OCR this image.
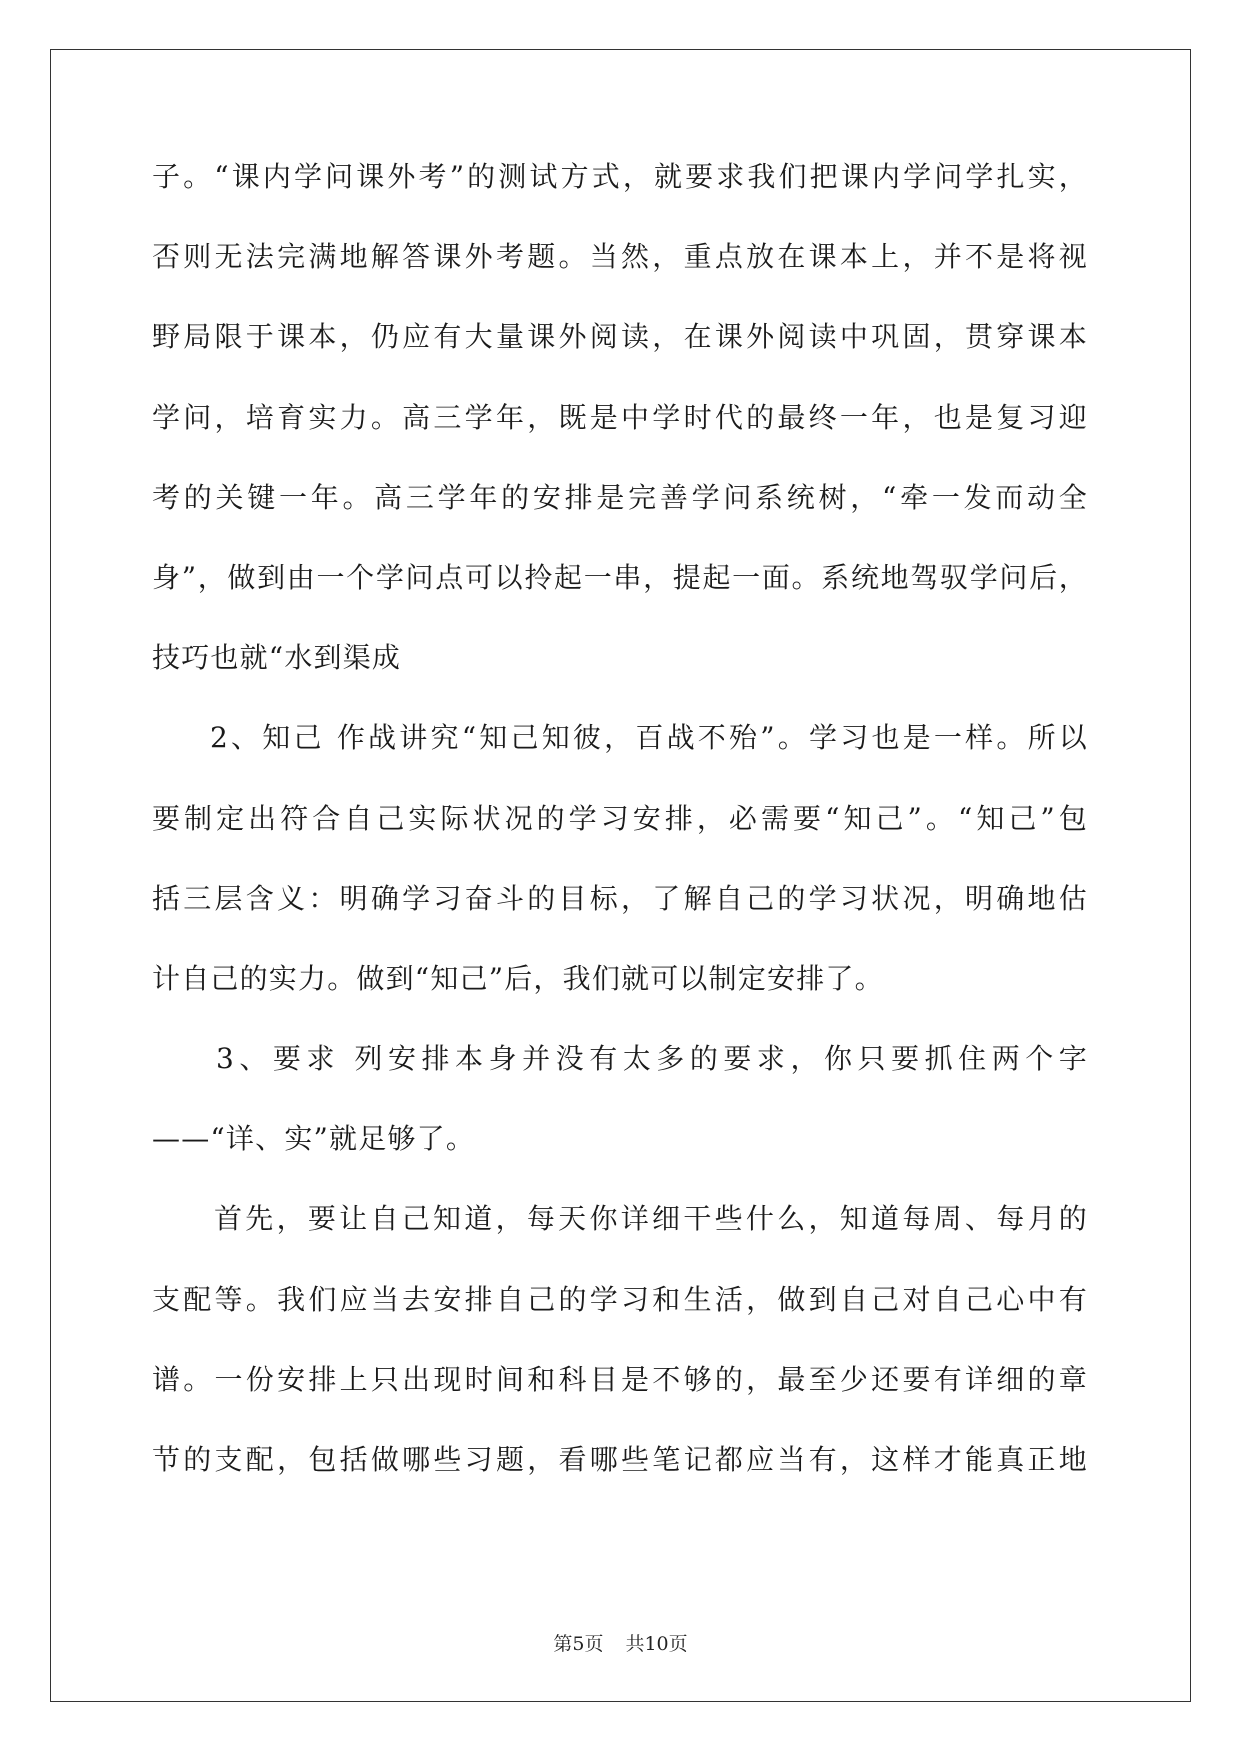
子。“课内学问课外考”的测试方式，就要求我们把课内学问学扎实，
否则无法完满地解答课外考题。当然，重点放在课本上，并不是将视
野局限于课本，仍应有大量课外阅读，在课外阅读中巩固，贯穿课本
学问，培育实力。高三学年，既是中学时代的最终一年，也是复习迎
考的关键一年。高三学年的安排是完善学问系统树，“牵一发而动全
身”，做到由一个学问点可以拎起一串，提起一面。系统地驾驭学问后，
技巧也就“水到渠成
2、知己 作战讲究“知己知彼，百战不殆”。学习也是一样。所以
要制定出符合自己实际状况的学习安排，必需要“知己”。“知己”包
括三层含义：明确学习奋斗的目标，了解自己的学习状况，明确地估
计自己的实力。做到“知己”后，我们就可以制定安排了。
3、要求 列安排本身并没有太多的要求，你只要抓住两个字
——“详、实”就足够了。
首先，要让自己知道，每天你详细干些什么，知道每周、每月的
支配等。我们应当去安排自己的学习和生活，做到自己对自己心中有
谱。一份安排上只出现时间和科目是不够的，最至少还要有详细的章
节的支配，包括做哪些习题，看哪些笔记都应当有，这样才能真正地
第5页 共10页
